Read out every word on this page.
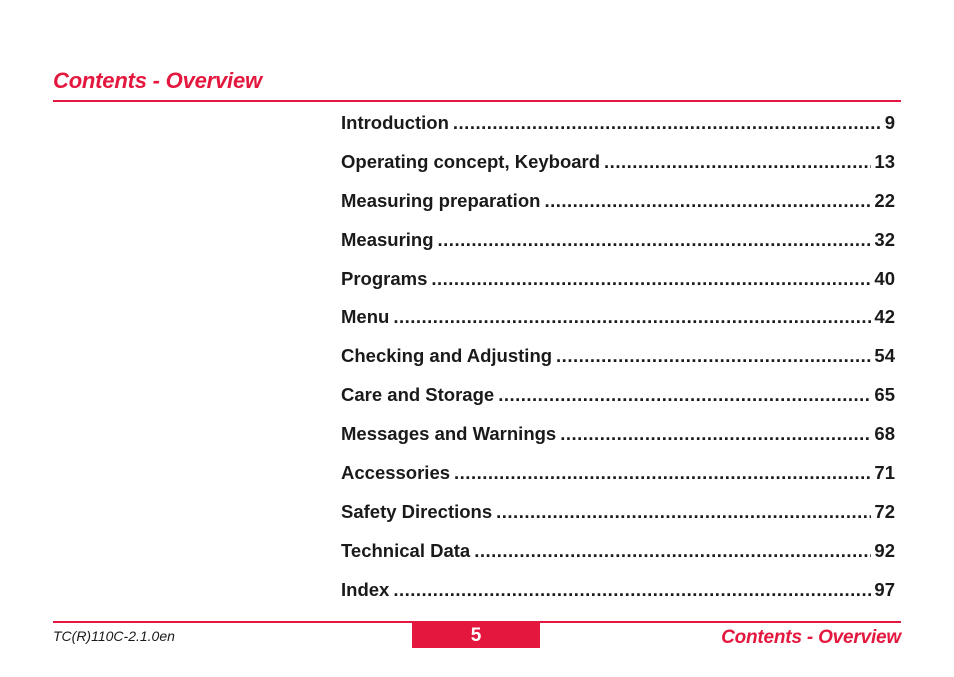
Contents - Overview
Introduction .....	9
Operating concept, Keyboard .....	13
Measuring preparation .....	22
Measuring .....	32
Programs .....	40
Menu .....	42
Checking and Adjusting .....	54
Care and Storage .....	65
Messages and Warnings .....	68
Accessories .....	71
Safety Directions .....	72
Technical Data .....	92
Index .....	97
TC(R)110C-2.1.0en	5	Contents - Overview
